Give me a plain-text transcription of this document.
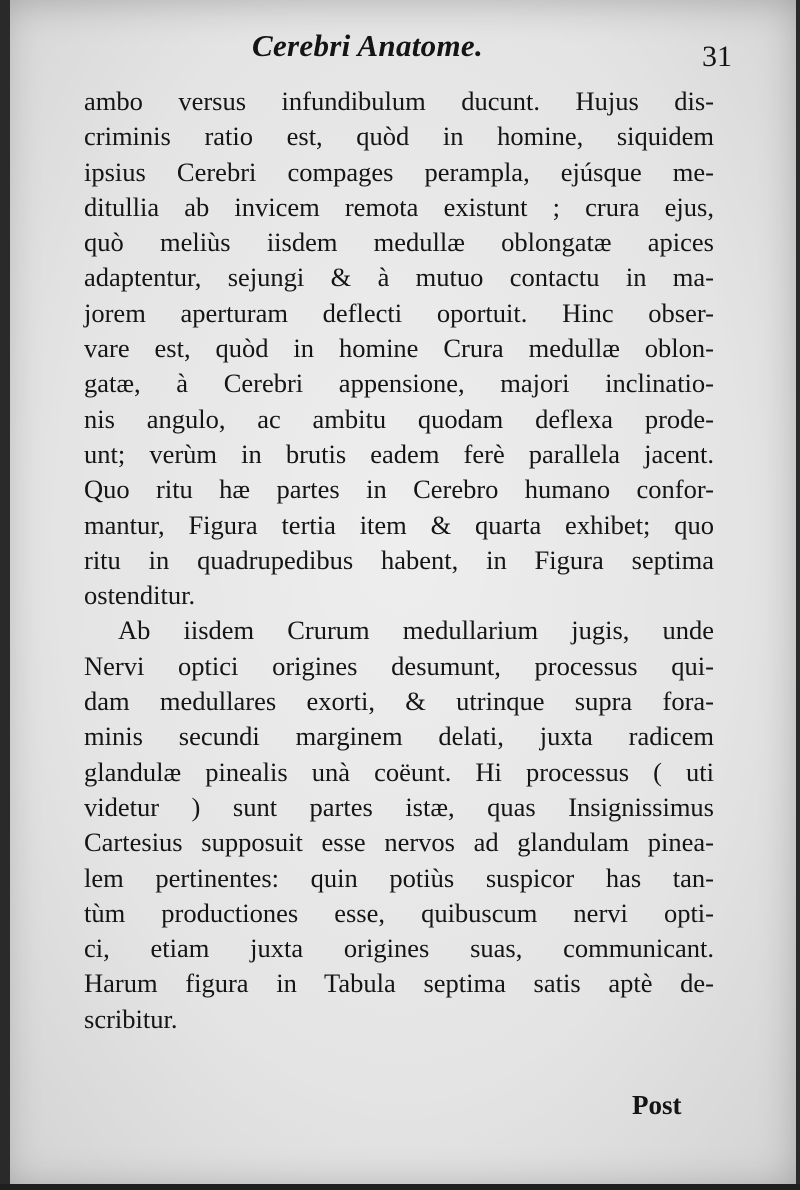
Cerebri Anatome.	31
ambo versus infundibulum ducunt. Hujus dis-
criminis ratio est, quòd in homine, siquidem
ipsius Cerebri compages perampla, ejúsque me-
ditullia ab invicem remota existunt ; crura ejus,
quò meliùs iisdem medullæ oblongatæ apices
adaptentur, sejungi & à mutuo contactu in ma-
jorem aperturam deflecti oportuit. Hinc obser-
vare est, quòd in homine Crura medullæ oblon-
gatæ, à Cerebri appensione, majori inclinatio-
nis angulo, ac ambitu quodam deflexa prode-
unt; verùm in brutis eadem ferè parallela jacent.
Quo ritu hæ partes in Cerebro humano confor-
mantur, Figura tertia item & quarta exhibet; quo
ritu in quadrupedibus habent, in Figura septima
ostenditur.
Ab iisdem Crurum medullarium jugis, unde
Nervi optici origines desumunt, processus qui-
dam medullares exorti, & utrinque supra fora-
minis secundi marginem delati, juxta radicem
glandulæ pinealis unà coëunt. Hi processus ( uti
videtur ) sunt partes istæ, quas Insignissimus
Cartesius supposuit esse nervos ad glandulam pinea-
lem pertinentes: quin potiùs suspicor has tan-
tùm productiones esse, quibuscum nervi opti-
ci, etiam juxta origines suas, communicant.
Harum figura in Tabula septima satis aptè de-
scribitur.
Post
